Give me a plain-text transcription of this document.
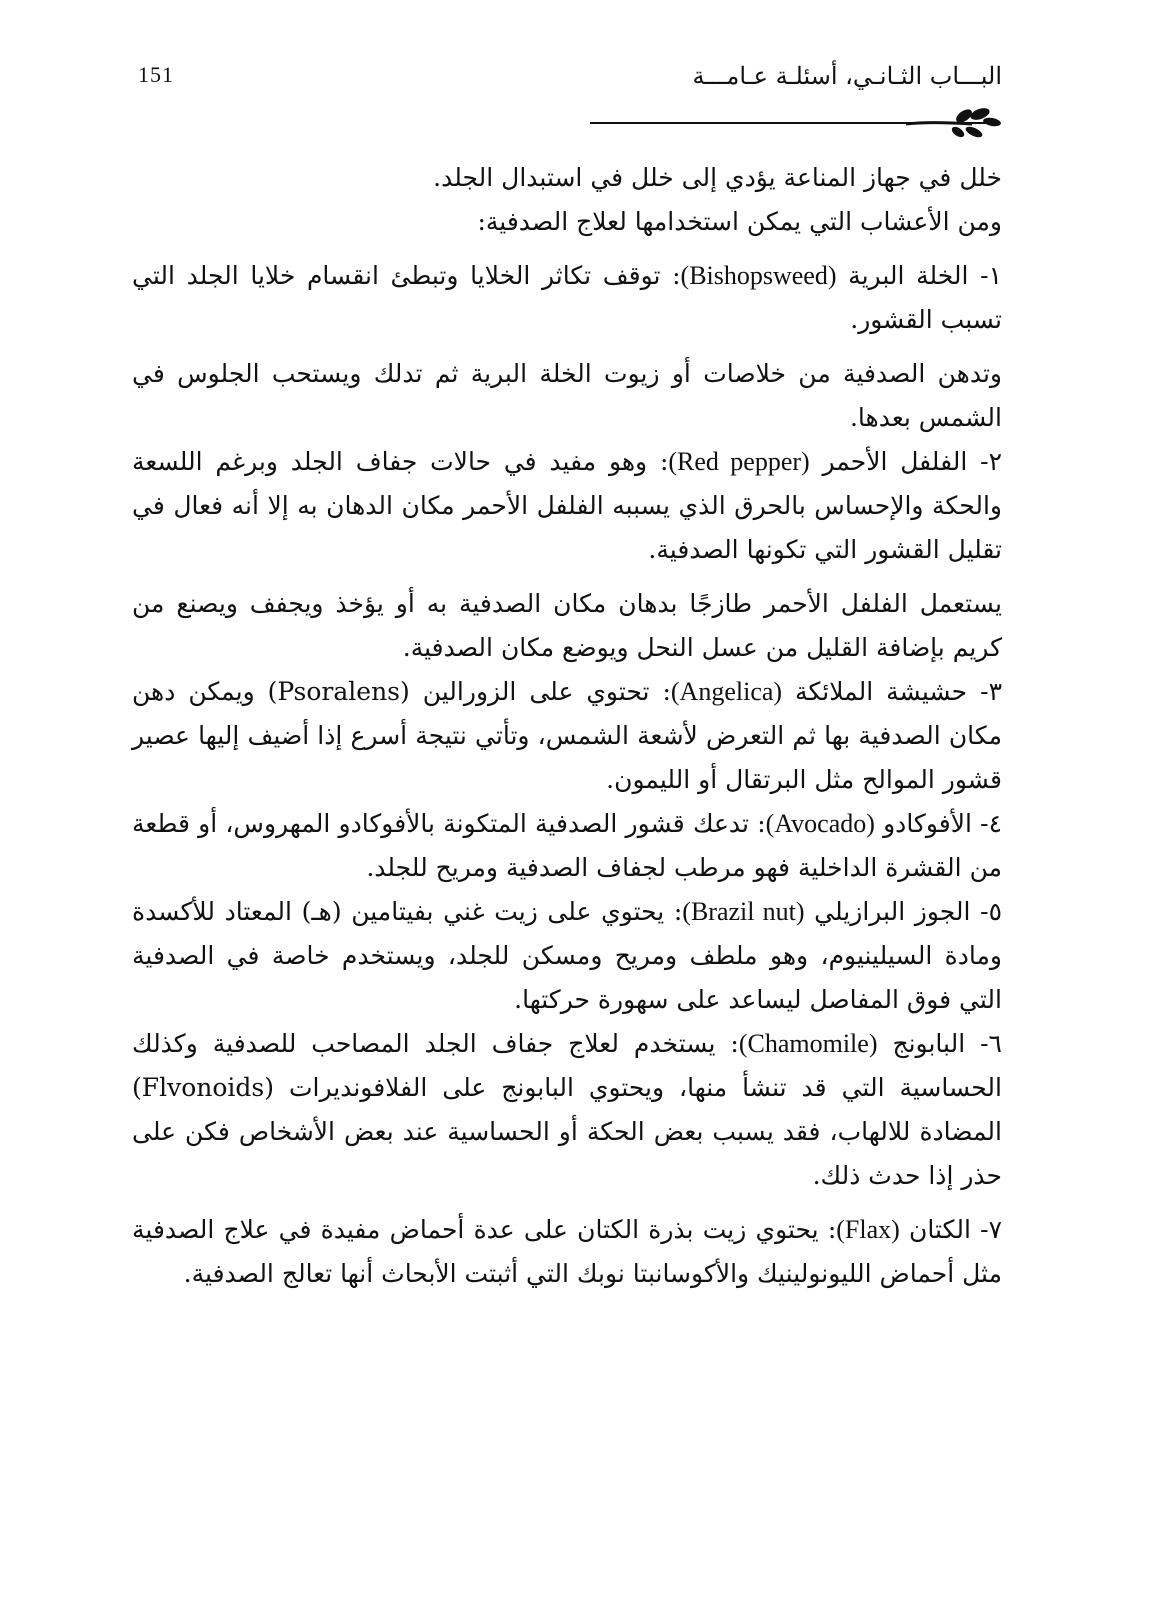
151	البـــاب الثـانـي، أسئلـة عـامـــة

خلل في جهاز المناعة يؤدي إلى خلل في استبدال الجلد.

ومن الأعشاب التي يمكن استخدامها لعلاج الصدفية:

١- الخلة البرية (Bishopsweed): توقف تكاثر الخلايا وتبطئ انقسام خلايا الجلد التي تسبب القشور.

وتدهن الصدفية من خلاصات أو زيوت الخلة البرية ثم تدلك ويستحب الجلوس في الشمس بعدها.

٢- الفلفل الأحمر (Red pepper): وهو مفيد في حالات جفاف الجلد وبرغم اللسعة والحكة والإحساس بالحرق الذي يسببه الفلفل الأحمر مكان الدهان به إلا أنه فعال في تقليل القشور التي تكونها الصدفية.

يستعمل الفلفل الأحمر طازجًا بدهان مكان الصدفية به أو يؤخذ ويجفف ويصنع من كريم بإضافة القليل من عسل النحل ويوضع مكان الصدفية.

٣- حشيشة الملائكة (Angelica): تحتوي على الزورالين (Psoralens) ويمكن دهن مكان الصدفية بها ثم التعرض لأشعة الشمس، وتأتي نتيجة أسرع إذا أضيف إليها عصير قشور الموالح مثل البرتقال أو الليمون.

٤- الأفوكادو (Avocado): تدعك قشور الصدفية المتكونة بالأفوكادو المهروس، أو قطعة من القشرة الداخلية فهو مرطب لجفاف الصدفية ومريح للجلد.

٥- الجوز البرازيلي (Brazil nut): يحتوي على زيت غني بفيتامين (هـ) المعتاد للأكسدة ومادة السيلينيوم، وهو ملطف ومريح ومسكن للجلد، ويستخدم خاصة في الصدفية التي فوق المفاصل ليساعد على سهورة حركتها.

٦- البابونج (Chamomile): يستخدم لعلاج جفاف الجلد المصاحب للصدفية وكذلك الحساسية التي قد تنشأ منها، ويحتوي البابونج على الفلافونديرات (Flvonoids) المضادة للالهاب، فقد يسبب بعض الحكة أو الحساسية عند بعض الأشخاص فكن على حذر إذا حدث ذلك.

٧- الكتان (Flax): يحتوي زيت بذرة الكتان على عدة أحماض مفيدة في علاج الصدفية مثل أحماض الليونولينيك والأكوسانبتا نوبك التي أثبتت الأبحاث أنها تعالج الصدفية.
